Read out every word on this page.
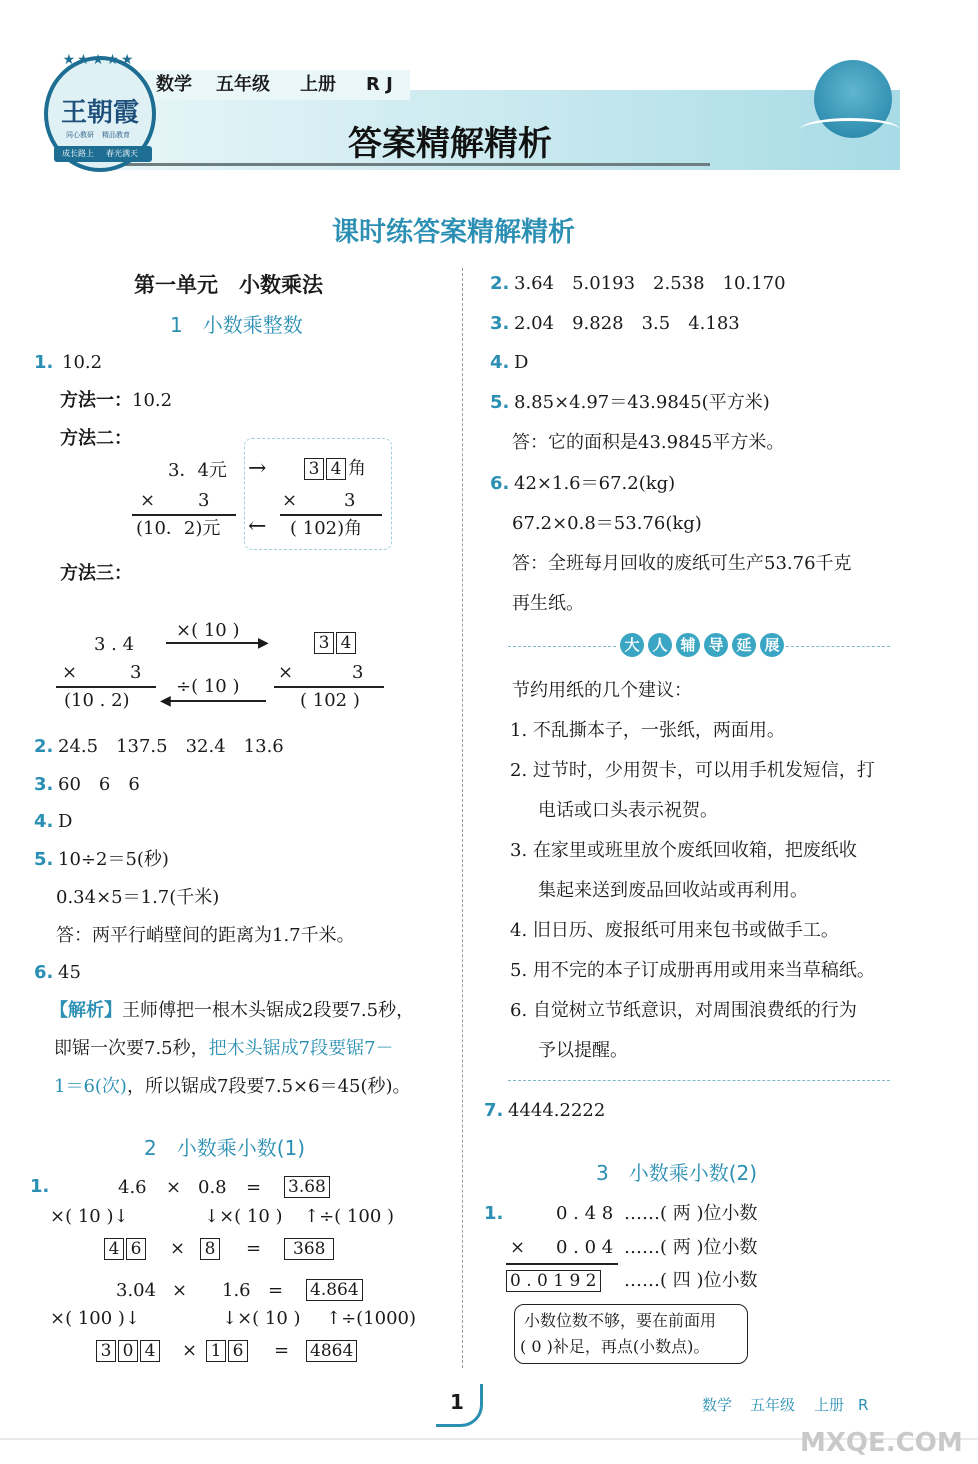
★★★★★
王朝霞
同心教研 精品教育
成长路上 春光满天
数学 五年级 上册 R J
答案精解精析
课时练答案精解精析
第一单元　小数乘法
1　小数乘整数
1. 10.2
方法一： 10.2
方法二：
3．4元 → 3 4 角
× 3	×	3
(10．2)元 ← ( 102)角
方法三：
3 . 4
×( 10 )
▶	3 4
×	3	×	3
(10 . 2)
÷( 10 )
◀	( 102 )
2. 24.5　137.5　32.4　13.6
3. 60　6　6
4. D
5. 10÷2＝5(秒)
0.34×5＝1.7(千米)
答：两平行峭壁间的距离为1.7千米。
6. 45
【解析】王师傅把一根木头锯成2段要7.5秒，
即锯一次要7.5秒，把木头锯成7段要锯7－
1＝6(次)，所以锯成7段要7.5×6＝45(秒)。
2　小数乘小数(1)
1.	4.6 × 0.8 = 3.68
×( 10 )↓	↓×( 10 ) ↑÷( 100 )
4 6	× 8	=	368
3.04 × 1.6 = 4.864
×( 100 )↓	↓×( 10 ) ↑÷(1000)
3 0 4	× 1 6	= 4864
2. 3.64　5.0193　2.538　10.170
3. 2.04　9.828　3.5　4.183
4. D
5. 8.85×4.97＝43.9845(平方米)
答：它的面积是43.9845平方米。
6. 42×1.6＝67.2(kg)
67.2×0.8＝53.76(kg)
答：全班每月回收的废纸可生产53.76千克
再生纸。
大 人 辅 导 延 展
节约用纸的几个建议：
1. 不乱撕本子，一张纸，两面用。
2. 过节时，少用贺卡，可以用手机发短信，打
电话或口头表示祝贺。
3. 在家里或班里放个废纸回收箱，把废纸收
集起来送到废品回收站或再利用。
4. 旧日历、废报纸可用来包书或做手工。
5. 用不完的本子订成册再用或用来当草稿纸。
6. 自觉树立节纸意识，对周围浪费纸的行为
予以提醒。
7. 4444.2222
3　小数乘小数(2)
1.	0 . 4 8 ……( 两 )位小数
× 0 . 0 4 ……( 两 )位小数
0 . 0 1 9 2 ……( 四 )位小数
小数位数不够，要在前面用
( 0 )补足，再点(小数点)。
1	数学 五年级 上册 R
MXQE.COM
